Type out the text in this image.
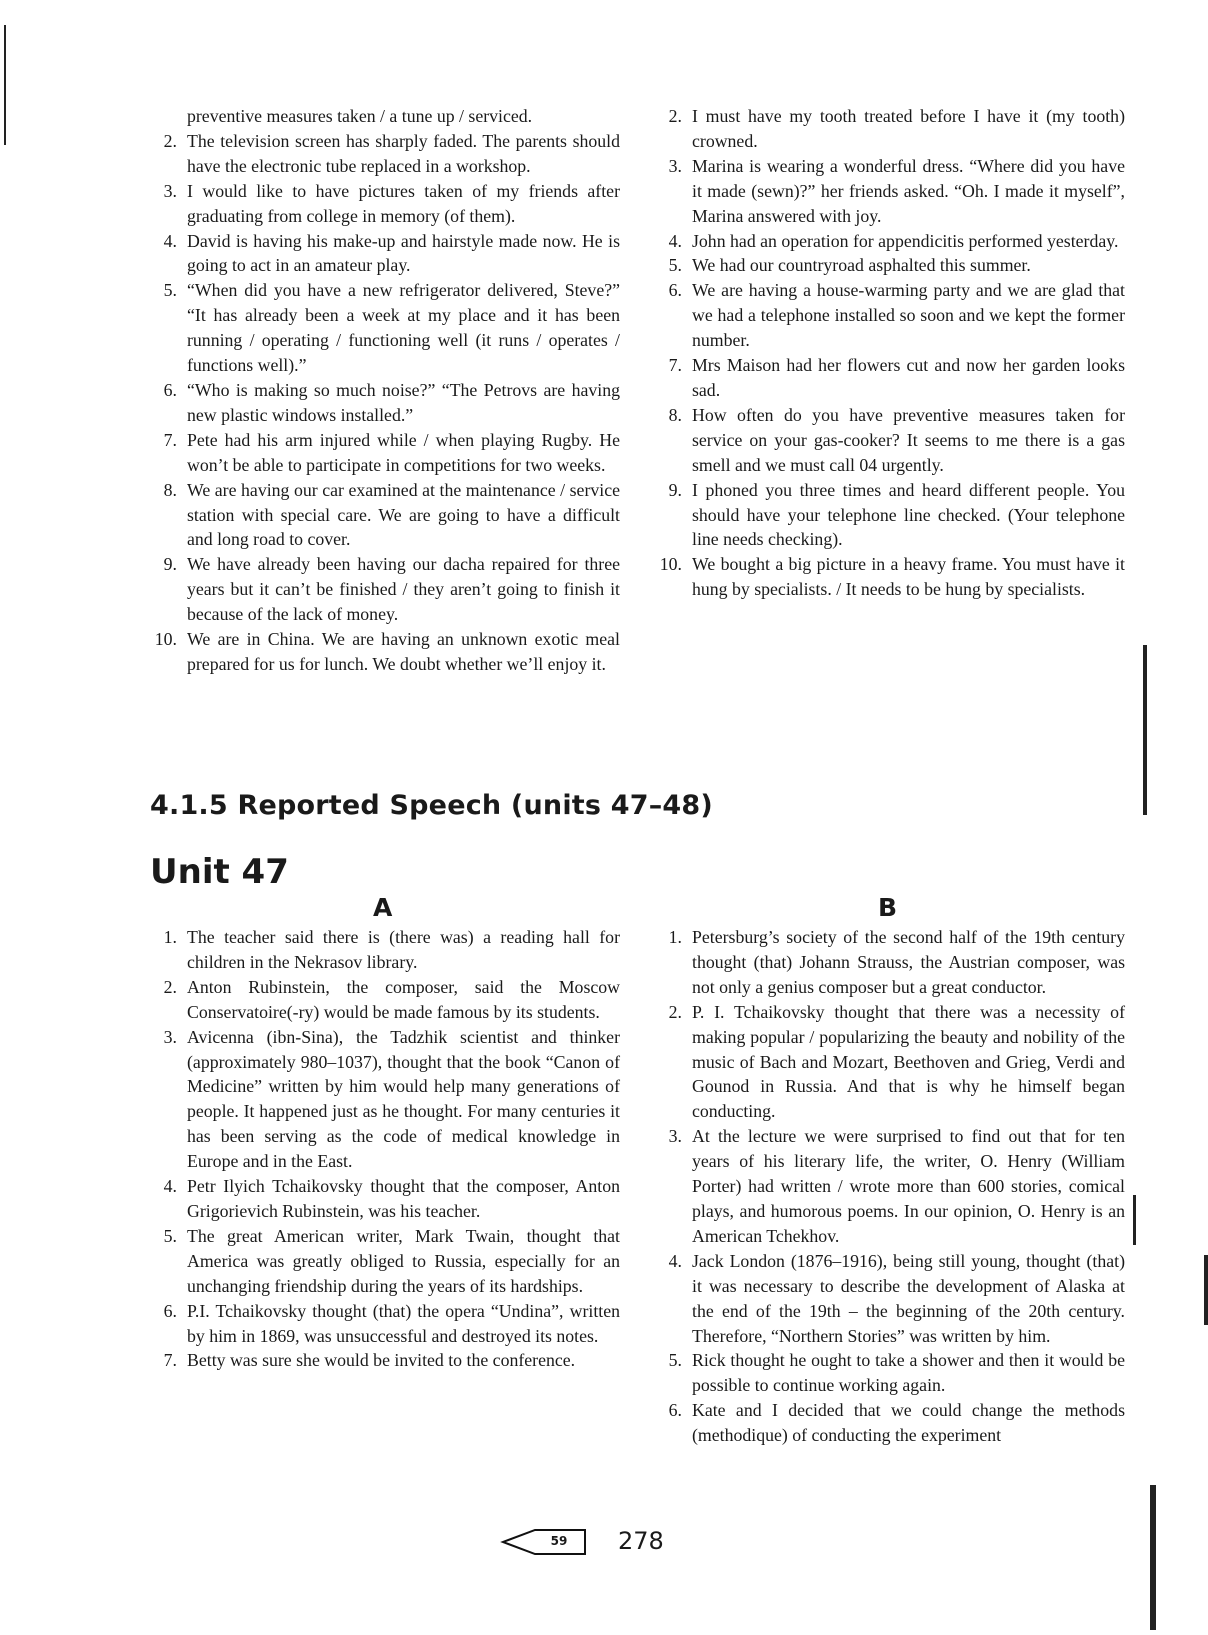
preventive measures taken / a tune up / serviced.

2. The television screen has sharply faded. The parents should have the electronic tube replaced in a workshop.

3. I would like to have pictures taken of my friends after graduating from college in memory (of them).

4. David is having his make-up and hairstyle made now. He is going to act in an amateur play.

5. “When did you have a new refrigerator delivered, Steve?” “It has already been a week at my place and it has been running / operating / functioning well (it runs / operates / functions well).”

6. “Who is making so much noise?” “The Petrovs are having new plastic windows installed.”

7. Pete had his arm injured while / when playing Rugby. He won’t be able to participate in competitions for two weeks.

8. We are having our car examined at the maintenance / service station with special care. We are going to have a difficult and long road to cover.

9. We have already been having our dacha repaired for three years but it can’t be finished / they aren’t going to finish it because of the lack of money.

10. We are in China. We are having an unknown exotic meal prepared for us for lunch. We doubt whether we’ll enjoy it.

2. I must have my tooth treated before I have it (my tooth) crowned.

3. Marina is wearing a wonderful dress. “Where did you have it made (sewn)?” her friends asked. “Oh. I made it myself”, Marina answered with joy.

4. John had an operation for appendicitis performed yesterday.

5. We had our countryroad asphalted this summer.

6. We are having a house-warming party and we are glad that we had a telephone installed so soon and we kept the former number.

7. Mrs Maison had her flowers cut and now her garden looks sad.

8. How often do you have preventive measures taken for service on your gas-cooker? It seems to me there is a gas smell and we must call 04 urgently.

9. I phoned you three times and heard different people. You should have your telephone line checked. (Your telephone line needs checking).

10. We bought a big picture in a heavy frame. You must have it hung by specialists. / It needs to be hung by specialists.

4.1.5 Reported Speech (units 47–48)
Unit 47
A	B

1. The teacher said there is (there was) a reading hall for children in the Nekrasov library.

2. Anton Rubinstein, the composer, said the Moscow Conservatoire(-ry) would be made famous by its students.

3. Avicenna (ibn-Sina), the Tadzhik scientist and thinker (approximately 980–1037), thought that the book “Canon of Medicine” written by him would help many generations of people. It happened just as he thought. For many centuries it has been serving as the code of medical knowledge in Europe and in the East.

4. Petr Ilyich Tchaikovsky thought that the composer, Anton Grigorievich Rubinstein, was his teacher.

5. The great American writer, Mark Twain, thought that America was greatly obliged to Russia, especially for an unchanging friendship during the years of its hardships.

6. P.I. Tchaikovsky thought (that) the opera “Undina”, written by him in 1869, was unsuccessful and destroyed its notes.

7. Betty was sure she would be invited to the conference.

1. Petersburg’s society of the second half of the 19th century thought (that) Johann Strauss, the Austrian composer, was not only a genius composer but a great conductor.

2. P. I. Tchaikovsky thought that there was a necessity of making popular / popularizing the beauty and nobility of the music of Bach and Mozart, Beethoven and Grieg, Verdi and Gounod in Russia. And that is why he himself began conducting.

3. At the lecture we were surprised to find out that for ten years of his literary life, the writer, O. Henry (William Porter) had written / wrote more than 600 stories, comical plays, and humorous poems. In our opinion, O. Henry is an American Tchekhov.

4. Jack London (1876–1916), being still young, thought (that) it was necessary to describe the development of Alaska at the end of the 19th – the beginning of the 20th century. Therefore, “Northern Stories” was written by him.

5. Rick thought he ought to take a shower and then it would be possible to continue working again.

6. Kate and I decided that we could change the methods (methodique) of conducting the experiment

59	278
